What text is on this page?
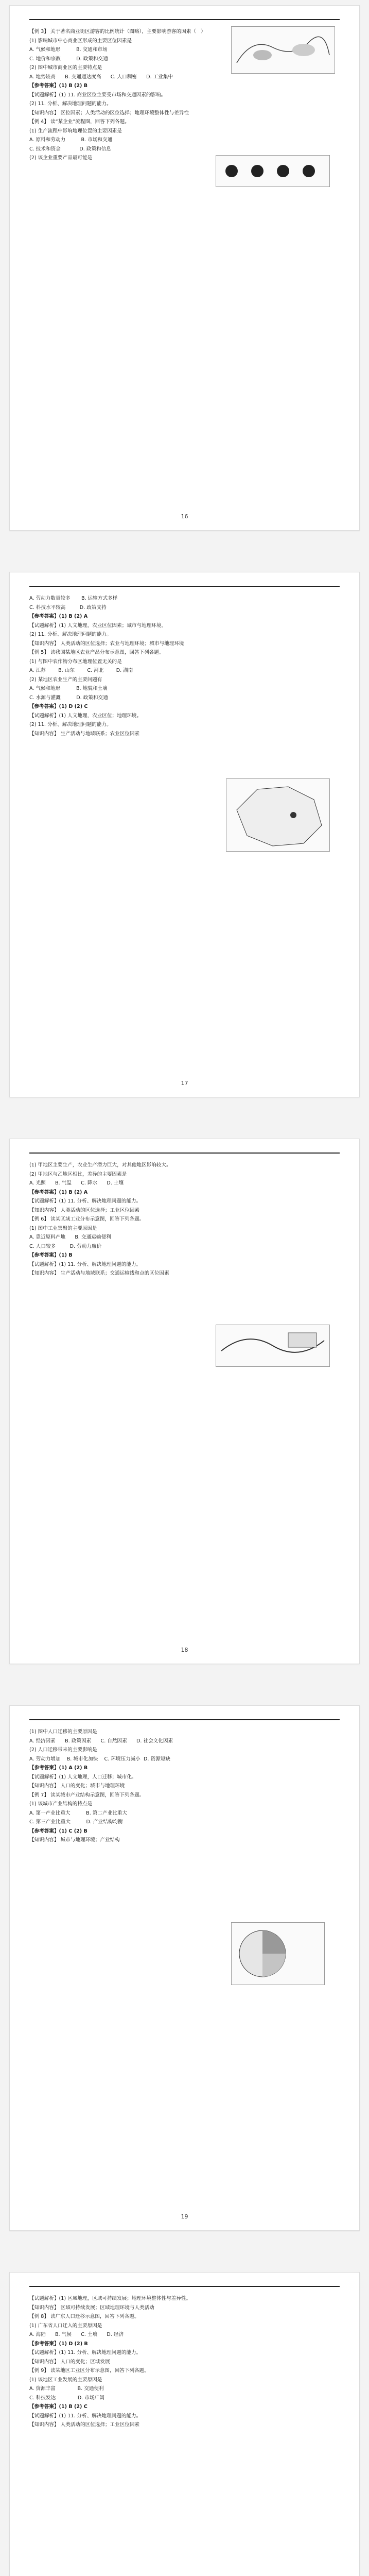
【例 3】 关于著名商业街区游客的比例统计（图略），主要影响游客的因素（   ）

(1) 影响城市中心商业区形成的主要区位因素是

A. 气候和地形          B. 交通和市场

C. 地价和宗教          D. 政策和交通

(2) 图中城市商业区的主要特点是

A. 地势较高      B. 交通通达度高      C. 人口稠密      D. 工业集中

【参考答案】(1) B (2) B

【试题解析】(1) 11. 商业区位主要受市场和交通因素的影响。

(2) 11. 分析、解决地理问题的能力。

【知识内容】 区位因素；人类活动的区位选择；地理环境整体性与差异性

【例 4】 读“某企业”流程图，回答下列各题。

(1) 生产流程中影响地理位置的主要因素是

A. 原料和劳动力          B. 市场和交通

C. 技术和资金            D. 政策和信息

(2) 该企业重要产品最可能是

16

A. 劳动力数量较多       B. 运输方式多样

C. 科技水平较高         D. 政策支持

【参考答案】(1) B (2) A

【试题解析】(1) 人文地理，农业区位因素；城市与地理环境。

(2) 11. 分析、解决地理问题的能力。

【知识内容】 人类活动的区位选择；农业与地理环境；城市与地理环境

【例 5】 读我国某地区农业产品分布示意图，回答下列各题。

(1) 与图中农作物分布区地理位置无关的是

A. 江苏        B. 山东        C. 河北        D. 湖南

(2) 某地区农业生产的主要问题有

A. 气候和地形          B. 地貌和土壤

C. 水源与灌溉          D. 政策和交通

【参考答案】(1) D (2) C

【试题解析】(1) 人文地理，农业区位；地理环境。

(2) 11. 分析、解决地理问题的能力。

【知识内容】 生产活动与地域联系；农业区位因素

17

(1) 甲地区主要生产，农业生产潜力巨大，对其他地区影响较大。

(2) 甲地区与乙地区相比，差异的主要因素是

A. 光照      B. 气温      C. 降水      D. 土壤

【参考答案】(1) B (2) A

【试题解析】(1) 11. 分析、解决地理问题的能力。

【知识内容】 人类活动的区位选择；工业区位因素

【例 6】 读某区域工业分布示意图，回答下列各题。

(1) 图中工业集聚的主要原因是

A. 靠近原料产地      B. 交通运输便利

C. 人口较多         D. 劳动力廉价

【参考答案】(1) B

【试题解析】(1) 11. 分析、解决地理问题的能力。

【知识内容】 生产活动与地域联系；交通运输线和点的区位因素

18

(1) 图中人口迁移的主要原因是

A. 经济因素      B. 政策因素      C. 自然因素      D. 社会文化因素

(2) 人口迁移带来的主要影响是

A. 劳动力增加    B. 城市化加快    C. 环境压力减小  D. 资源短缺

【参考答案】(1) A (2) B

【试题解析】(1) 人文地理，人口迁移；城市化。

【知识内容】 人口的变化；城市与地理环境

【例 7】 读某城市产业结构示意图，回答下列各题。

(1) 该城市产业结构的特点是

A. 第一产业比重大          B. 第二产业比重大

C. 第三产业比重大          D. 产业结构均衡

【参考答案】(1) C (2) B

【知识内容】 城市与地理环境；产业结构

19

【试题解析】(1) 区域地理，区域可持续发展；地理环境整体性与差异性。

【知识内容】 区域可持续发展；区域地理环境与人类活动

【例 8】 读广东人口迁移示意图，回答下列各题。

(1) 广东省人口迁入的主要原因是

A. 海陆      B. 气候      C. 土壤      D. 经济

【参考答案】(1) D (2) B

【试题解析】(1) 11. 分析、解决地理问题的能力。

【知识内容】 人口的变化；区域发展

【例 9】 读某地区工业区分布示意图，回答下列各题。

(1) 该地区工业发展的主要原因是

A. 资源丰富              B. 交通便利

C. 科技发达              D. 市场广阔

【参考答案】(1) B (2) C

【试题解析】(1) 11. 分析、解决地理问题的能力。

【知识内容】 人类活动的区位选择；工业区位因素
